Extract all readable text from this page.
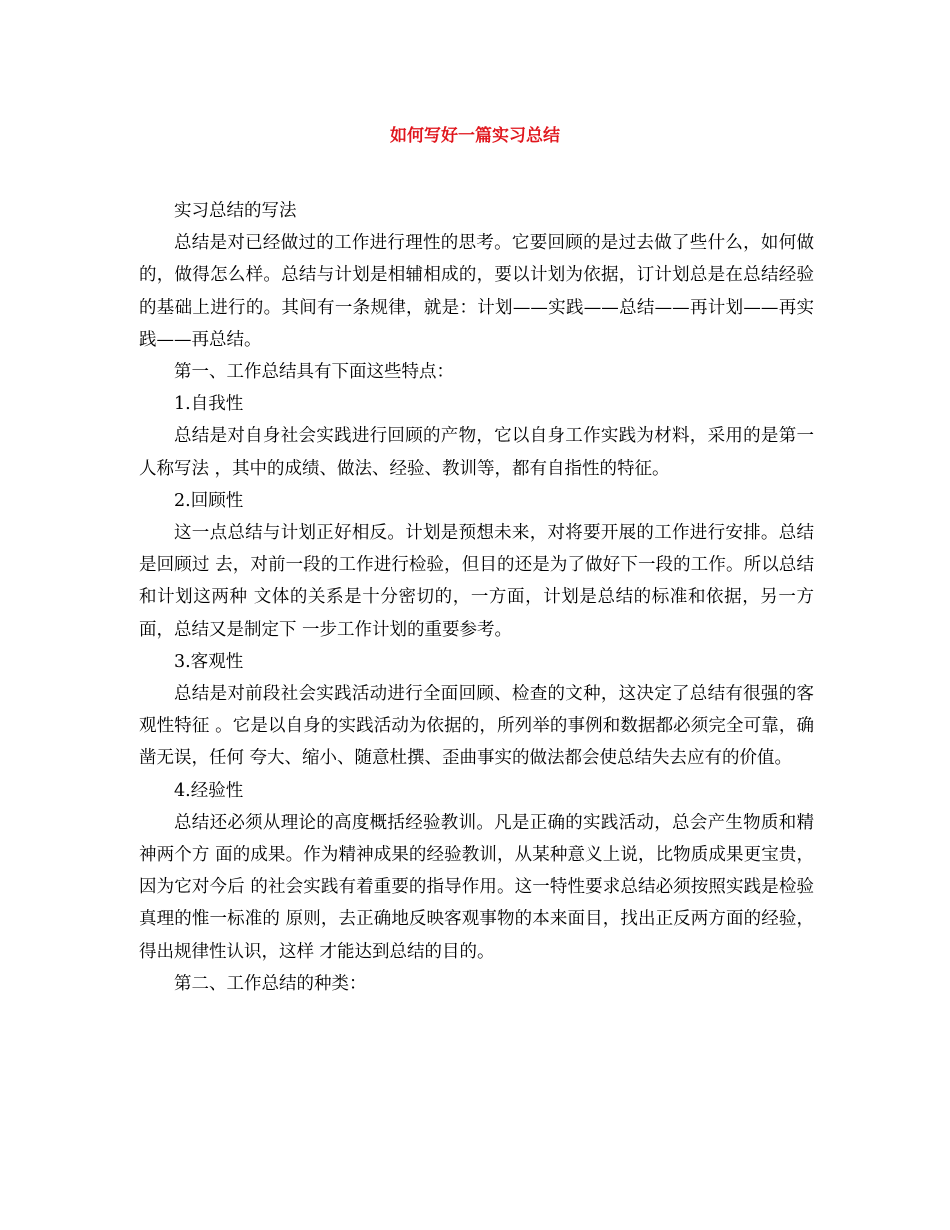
如何写好一篇实习总结

实习总结的写法

总结是对已经做过的工作进行理性的思考。它要回顾的是过去做了些什么，如何做的，做得怎么样。总结与计划是相辅相成的，要以计划为依据，订计划总是在总结经验的基础上进行的。其间有一条规律，就是：计划——实践——总结——再计划——再实践——再总结。

第一、工作总结具有下面这些特点：

1.自我性

总结是对自身社会实践进行回顾的产物，它以自身工作实践为材料，采用的是第一人称写法 ，其中的成绩、做法、经验、教训等，都有自指性的特征。

2.回顾性

这一点总结与计划正好相反。计划是预想未来，对将要开展的工作进行安排。总结是回顾过 去，对前一段的工作进行检验，但目的还是为了做好下一段的工作。所以总结和计划这两种 文体的关系是十分密切的，一方面，计划是总结的标准和依据，另一方面，总结又是制定下 一步工作计划的重要参考。

3.客观性

总结是对前段社会实践活动进行全面回顾、检查的文种，这决定了总结有很强的客观性特征 。它是以自身的实践活动为依据的，所列举的事例和数据都必须完全可靠，确凿无误，任何 夸大、缩小、随意杜撰、歪曲事实的做法都会使总结失去应有的价值。

4.经验性

总结还必须从理论的高度概括经验教训。凡是正确的实践活动，总会产生物质和精神两个方 面的成果。作为精神成果的经验教训，从某种意义上说，比物质成果更宝贵，因为它对今后 的社会实践有着重要的指导作用。这一特性要求总结必须按照实践是检验真理的惟一标准的 原则，去正确地反映客观事物的本来面目，找出正反两方面的经验，得出规律性认识，这样 才能达到总结的目的。

第二、工作总结的种类：
